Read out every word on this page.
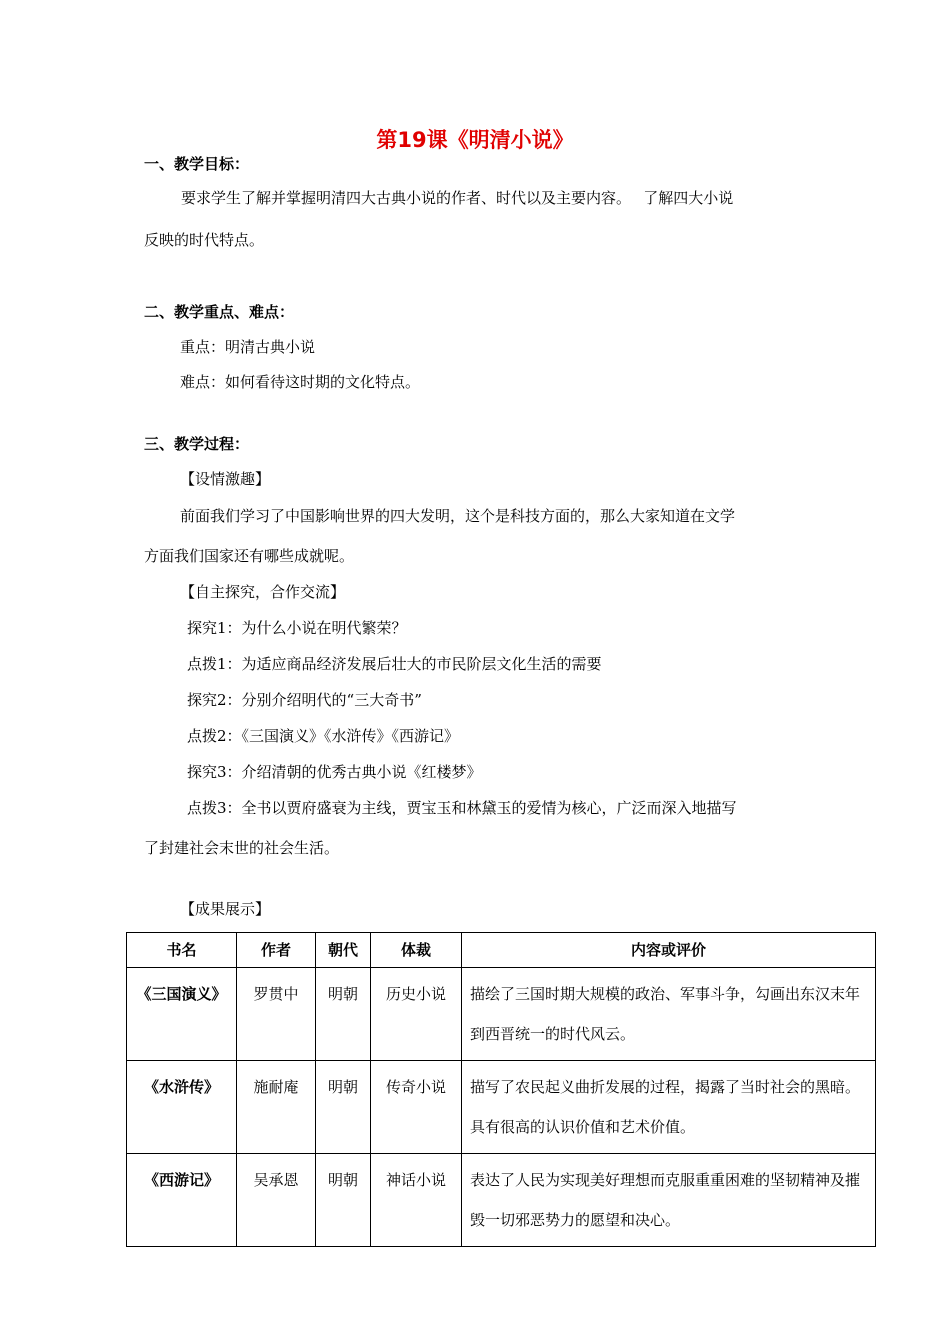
第19课《明清小说》
一、教学目标：
要求学生了解并掌握明清四大古典小说的作者、时代以及主要内容。　 了解四大小说
反映的时代特点。
二、教学重点、难点：
重点：明清古典小说
难点：如何看待这时期的文化特点。
三、教学过程：
【设情激趣】
前面我们学习了中国影响世界的四大发明，这个是科技方面的，那么大家知道在文学
方面我们国家还有哪些成就呢。
【自主探究，合作交流】
探究1：为什么小说在明代繁荣？
点拨1：为适应商品经济发展后壮大的市民阶层文化生活的需要
探究2：分别介绍明代的“三大奇书”
点拨2：《三国演义》《水浒传》《西游记》
探究3：介绍清朝的优秀古典小说《红楼梦》
点拨3：全书以贾府盛衰为主线，贾宝玉和林黛玉的爱情为核心，广泛而深入地描写
了封建社会末世的社会生活。
【成果展示】
书名	作者	朝代	体裁	内容或评价
《三国演义》	罗贯中	明朝	历史小说	描绘了三国时期大规模的政治、军事斗争，勾画出东汉末年到西晋统一的时代风云。
《水浒传》	施耐庵	明朝	传奇小说	描写了农民起义曲折发展的过程，揭露了当时社会的黑暗。具有很高的认识价值和艺术价值。
《西游记》	吴承恩	明朝	神话小说	表达了人民为实现美好理想而克服重重困难的坚韧精神及摧毁一切邪恶势力的愿望和决心。
